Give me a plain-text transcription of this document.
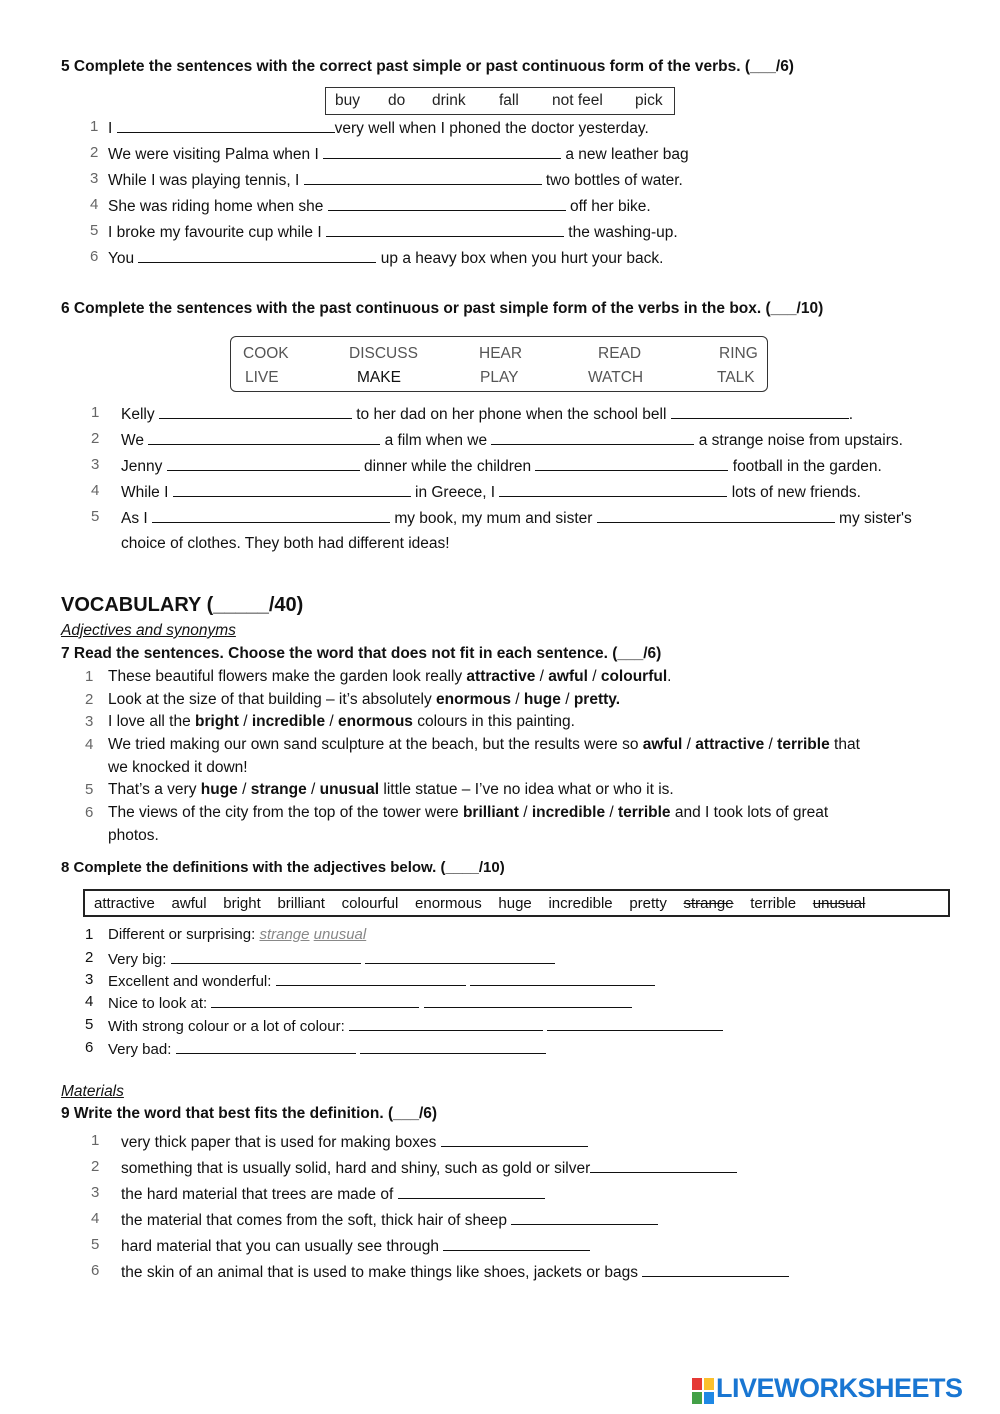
5 Complete the sentences with the correct past simple or past continuous form of the verbs. (___/6)
buy do drink fall not feel pick
1 I	very well when I phoned the doctor yesterday.
2 We were visiting Palma when I	a new leather bag
3 While I was playing tennis, I	two bottles of water.
4 She was riding home when she	off her bike.
5 I broke my favourite cup while I	the washing-up.
6 You	up a heavy box when you hurt your back.
6 Complete the sentences with the past continuous or past simple form of the verbs in the box. (___/10)
COOK	DISCUSS	HEAR	READ	RING
LIVE	MAKE	PLAY	WATCH	TALK
1 Kelly	to her dad on her phone when the school bell	.
2 We	a film when we	a strange noise from upstairs.
3 Jenny	dinner while the children	football in the garden.
4 While I	in Greece, I	lots of new friends.
5 As I	my book, my mum and sister	my sister's
choice of clothes. They both had different ideas!
VOCABULARY (_____/40)
Adjectives and synonyms
7 Read the sentences. Choose the word that does not fit in each sentence. (___/6)
1 These beautiful flowers make the garden look really attractive / awful / colourful.
2 Look at the size of that building – it’s absolutely enormous / huge / pretty.
3 I love all the bright / incredible / enormous colours in this painting.
4 We tried making our own sand sculpture at the beach, but the results were so awful / attractive / terrible that
we knocked it down!
5 That’s a very huge / strange / unusual little statue – I’ve no idea what or who it is.
6 The views of the city from the top of the tower were brilliant / incredible / terrible and I took lots of great
photos.
8 Complete the definitions with the adjectives below. (____/10)
attractive awful bright brilliant colourful enormous huge incredible pretty strange terrible unusual
1 Different or surprising: strange unusual
2 Very big:
3 Excellent and wonderful:
4 Nice to look at:
5 With strong colour or a lot of colour:
6 Very bad:
Materials
9 Write the word that best fits the definition. (___/6)
1 very thick paper that is used for making boxes
2 something that is usually solid, hard and shiny, such as gold or silver
3 the hard material that trees are made of
4 the material that comes from the soft, thick hair of sheep
5 hard material that you can usually see through
6 the skin of an animal that is used to make things like shoes, jackets or bags
LIVEWORKSHEETS
